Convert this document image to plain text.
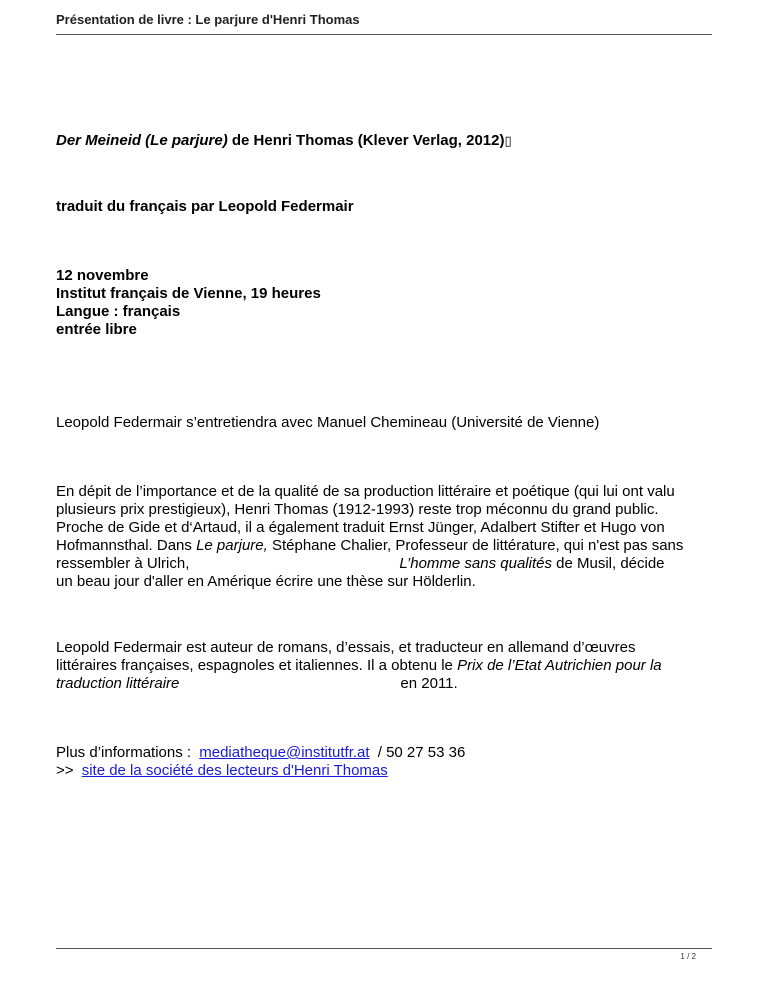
Présentation de livre : Le parjure d'Henri Thomas
Der Meineid (Le parjure) de Henri Thomas (Klever Verlag, 2012)▯
traduit du français par Leopold Federmair
12 novembre
Institut français de Vienne, 19 heures
Langue : français
entrée libre
Leopold Federmair s’entretiendra avec Manuel Chemineau (Université de Vienne)
En dépit de l’importance et de la qualité de sa production littéraire et poétique (qui lui ont valu
plusieurs prix prestigieux), Henri Thomas (1912-1993) reste trop méconnu du grand public.
Proche de Gide et d‘Artaud, il a également traduit Ernst Jünger, Adalbert Stifter et Hugo von
Hofmannsthal. Dans Le parjure, Stéphane Chalier, Professeur de littérature, qui n'est pas sans
ressembler à Ulrich,	L’homme sans qualités de Musil, décide
un beau jour d'aller en Amérique écrire une thèse sur Hölderlin.
Leopold Federmair est auteur de romans, d’essais, et traducteur en allemand d’œuvres
littéraires françaises, espagnoles et italiennes. Il a obtenu le Prix de l’Etat Autrichien pour la
traduction littéraire	en 2011.
Plus d’informations : mediatheque@institutfr.at / 50 27 53 36
>> site de la société des lecteurs d'Henri Thomas
1 / 2
